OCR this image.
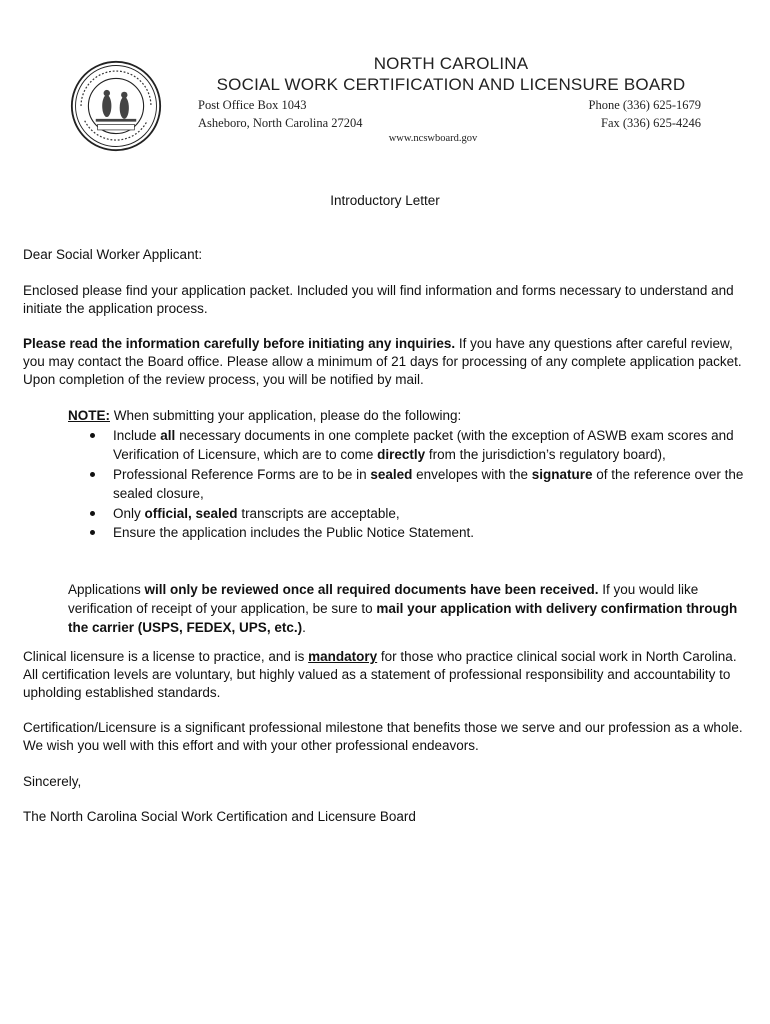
NORTH CAROLINA
SOCIAL WORK CERTIFICATION AND LICENSURE BOARD
Post Office Box 1043
Asheboro, North Carolina 27204
Phone (336) 625-1679
Fax (336) 625-4246
www.ncswboard.gov
Introductory Letter
Dear Social Worker Applicant:
Enclosed please find your application packet. Included you will find information and forms necessary to understand and initiate the application process.
Please read the information carefully before initiating any inquiries. If you have any questions after careful review, you may contact the Board office. Please allow a minimum of 21 days for processing of any complete application packet. Upon completion of the review process, you will be notified by mail.
NOTE: When submitting your application, please do the following:
Include all necessary documents in one complete packet (with the exception of ASWB exam scores and Verification of Licensure, which are to come directly from the jurisdiction’s regulatory board),
Professional Reference Forms are to be in sealed envelopes with the signature of the reference over the sealed closure,
Only official, sealed transcripts are acceptable,
Ensure the application includes the Public Notice Statement.
Applications will only be reviewed once all required documents have been received. If you would like verification of receipt of your application, be sure to mail your application with delivery confirmation through the carrier (USPS, FEDEX, UPS, etc.).
Clinical licensure is a license to practice, and is mandatory for those who practice clinical social work in North Carolina. All certification levels are voluntary, but highly valued as a statement of professional responsibility and accountability to upholding established standards.
Certification/Licensure is a significant professional milestone that benefits those we serve and our profession as a whole. We wish you well with this effort and with your other professional endeavors.
Sincerely,
The North Carolina Social Work Certification and Licensure Board
